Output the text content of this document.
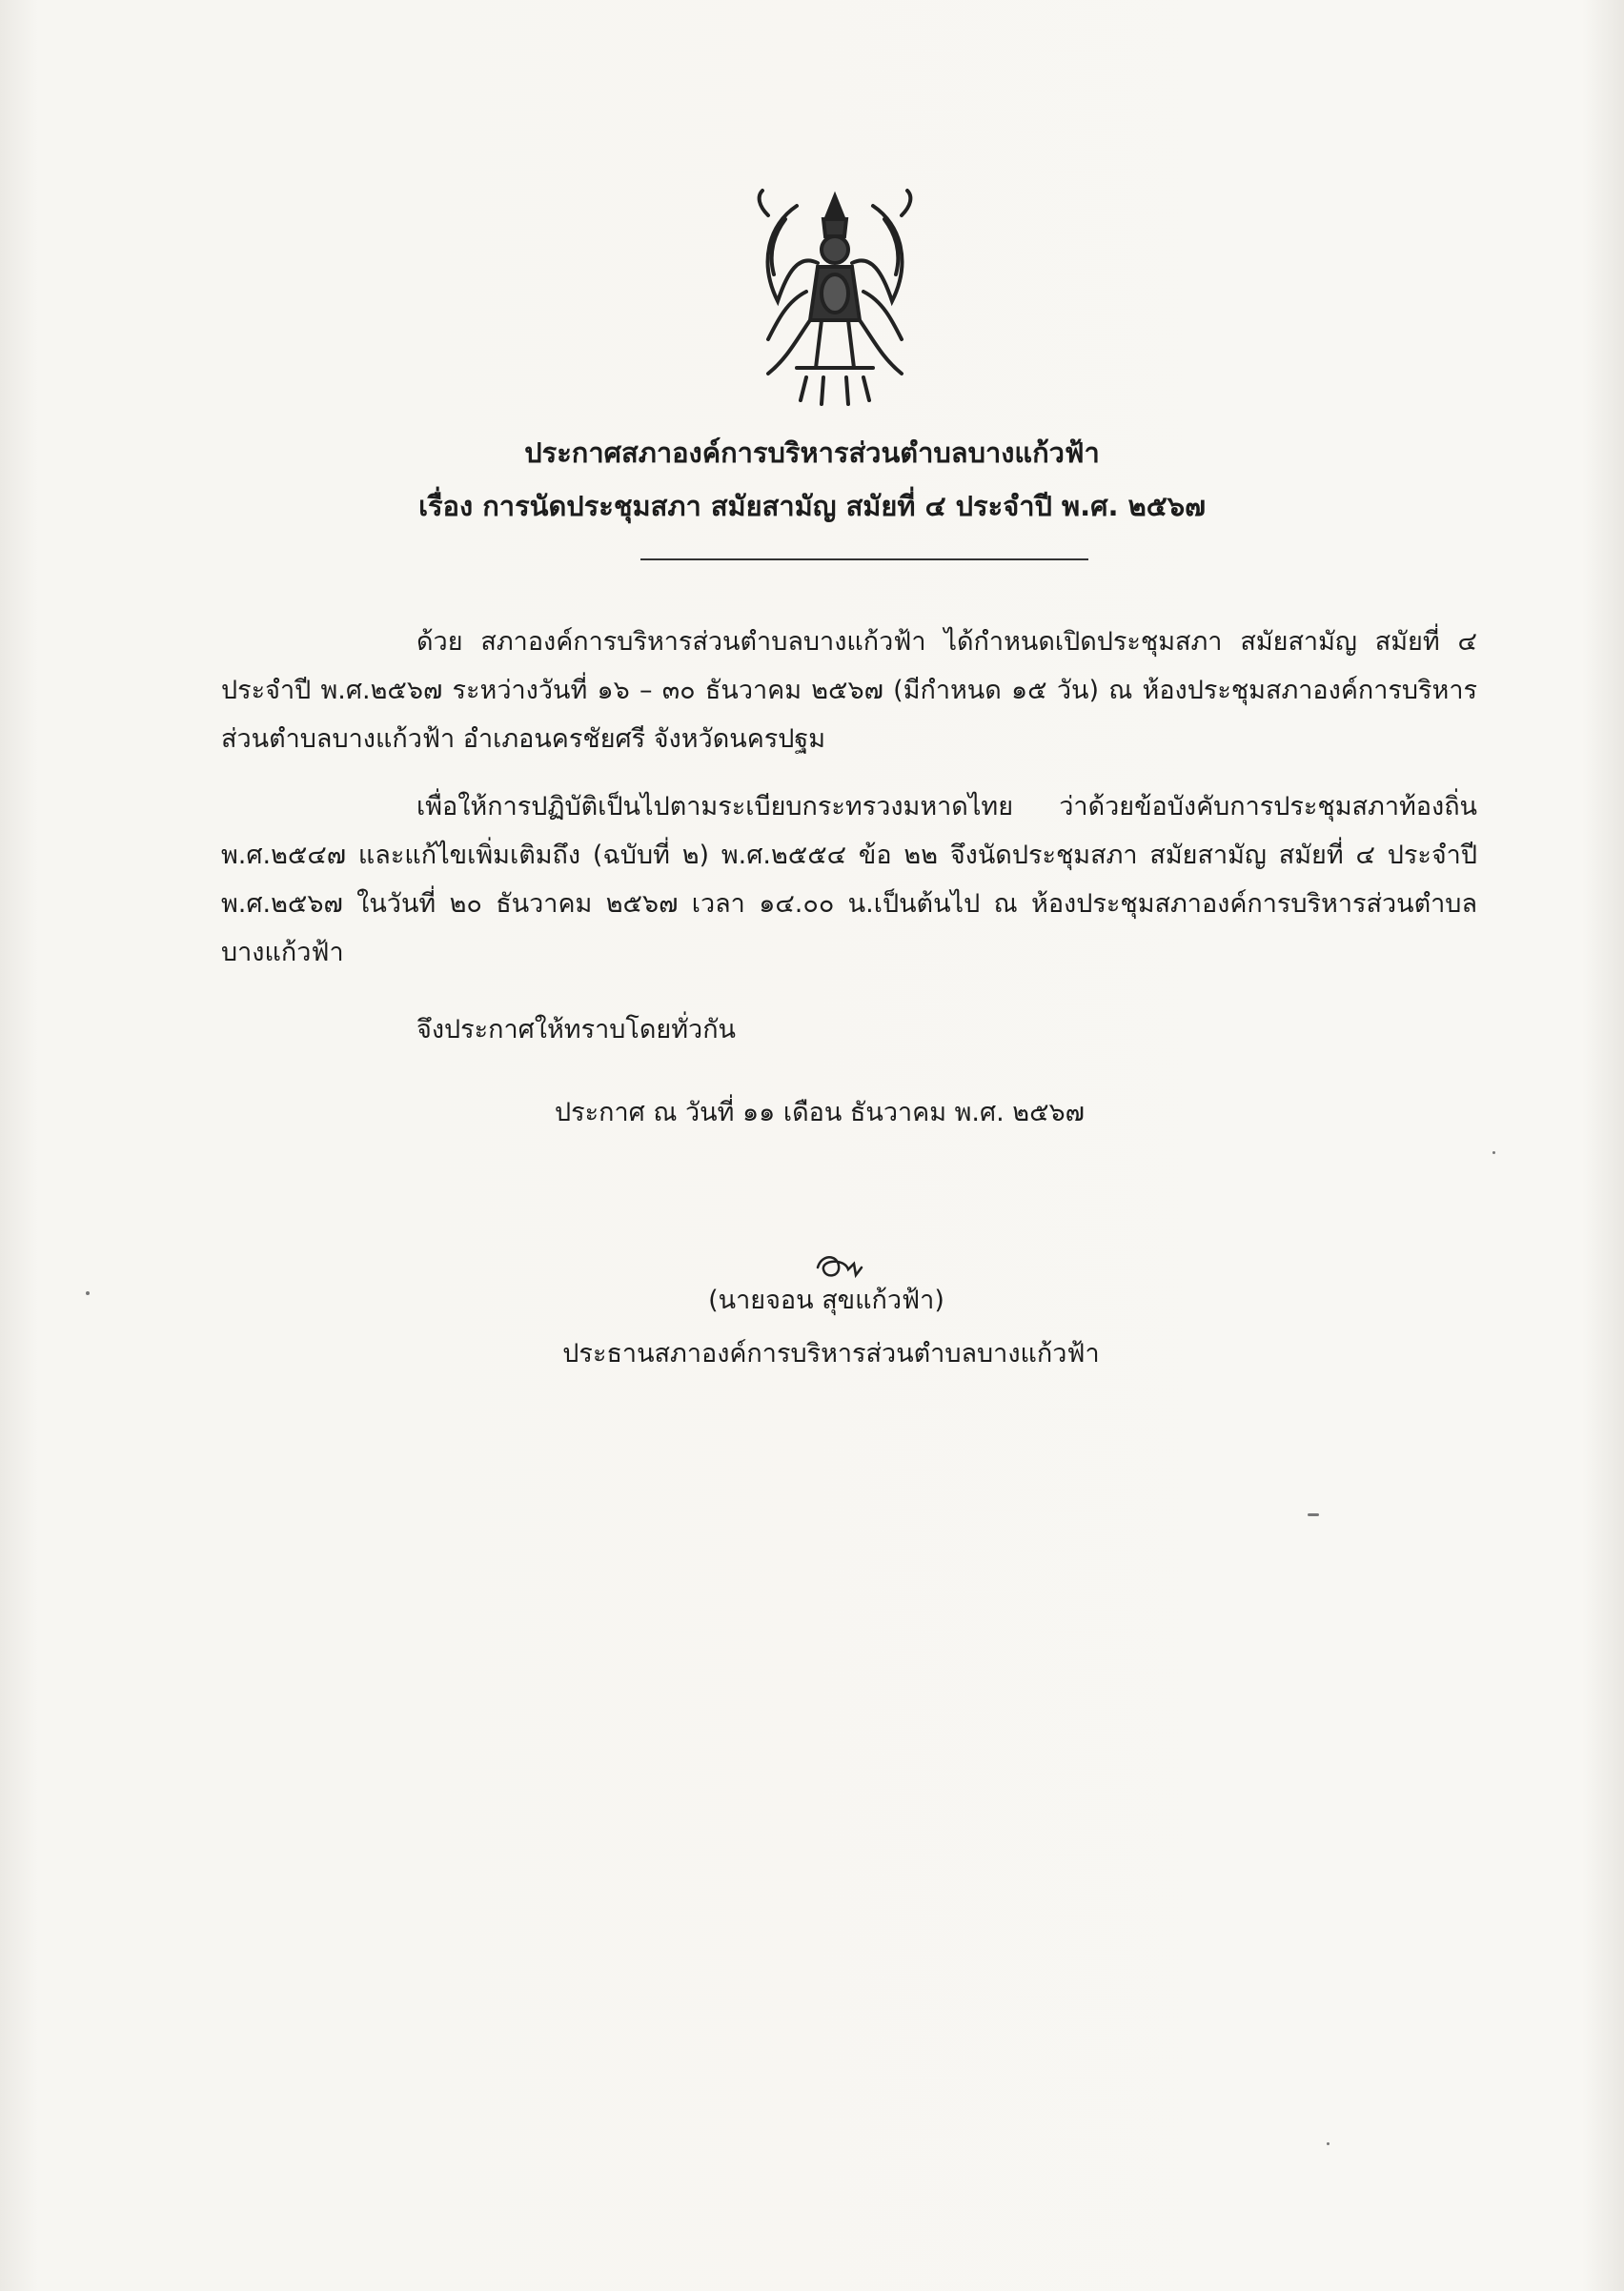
ประกาศสภาองค์การบริหารส่วนตำบลบางแก้วฟ้า
เรื่อง การนัดประชุมสภา สมัยสามัญ สมัยที่ ๔ ประจำปี พ.ศ. ๒๕๖๗
ด้วย สภาองค์การบริหารส่วนตำบลบางแก้วฟ้า ได้กำหนดเปิดประชุมสภา สมัยสามัญ สมัยที่ ๔ ประจำปี พ.ศ.๒๕๖๗ ระหว่างวันที่ ๑๖ – ๓๐ ธันวาคม ๒๕๖๗ (มีกำหนด ๑๕ วัน) ณ ห้องประชุมสภาองค์การบริหารส่วนตำบลบางแก้วฟ้า อำเภอนครชัยศรี จังหวัดนครปฐม
เพื่อให้การปฏิบัติเป็นไปตามระเบียบกระทรวงมหาดไทย ว่าด้วยข้อบังคับการประชุมสภาท้องถิ่น พ.ศ.๒๕๔๗ และแก้ไขเพิ่มเติมถึง (ฉบับที่ ๒) พ.ศ.๒๕๕๔ ข้อ ๒๒ จึงนัดประชุมสภา สมัยสามัญ สมัยที่ ๔ ประจำปี พ.ศ.๒๕๖๗ ในวันที่ ๒๐ ธันวาคม ๒๕๖๗ เวลา ๑๔.๐๐ น.เป็นต้นไป ณ ห้องประชุมสภาองค์การบริหารส่วนตำบลบางแก้วฟ้า
จึงประกาศให้ทราบโดยทั่วกัน
ประกาศ ณ วันที่ ๑๑ เดือน ธันวาคม พ.ศ. ๒๕๖๗
(นายจอน สุขแก้วฟ้า)
ประธานสภาองค์การบริหารส่วนตำบลบางแก้วฟ้า
